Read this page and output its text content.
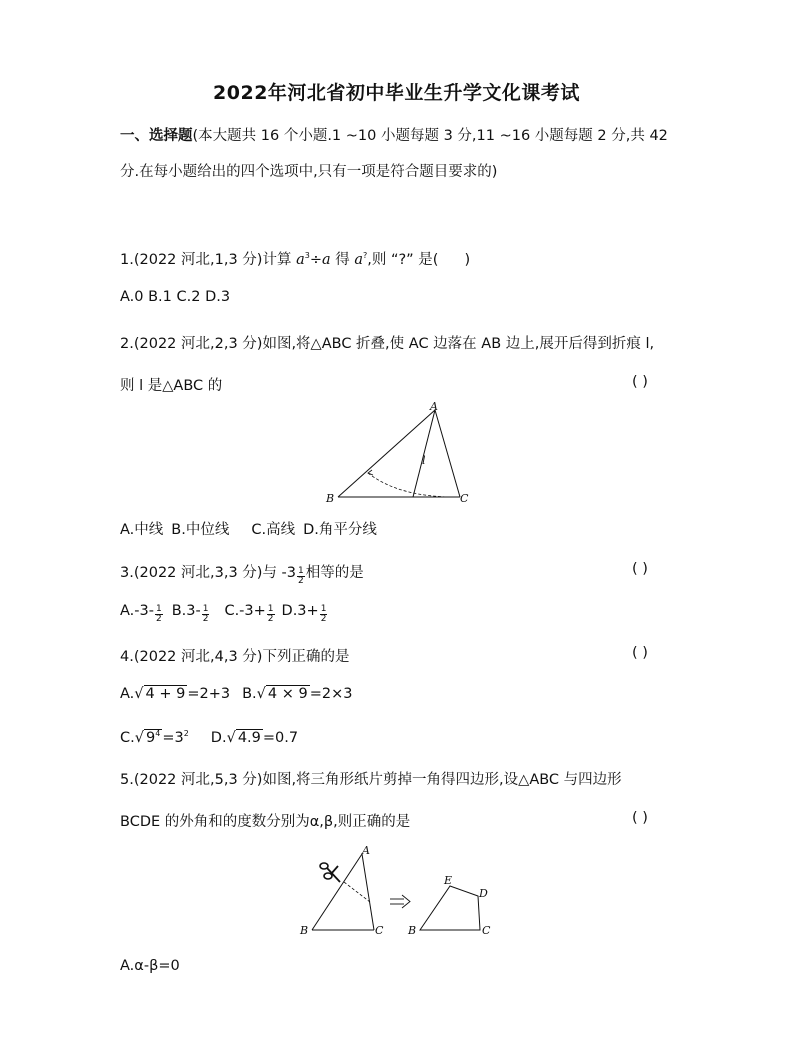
2022年河北省初中毕业生升学文化课考试
一、选择题(本大题共 16 个小题.1 ~10 小题每题 3 分,11 ~16 小题每题 2 分,共 42
分.在每小题给出的四个选项中,只有一项是符合题目要求的)
1.(2022 河北,1,3 分)计算 $a^3\div a$ 得 a?,则 “?” 是( )
A.0 B.1 C.2 D.3
2.(2022 河北,2,3 分)如图,将△ABC 折叠,使 AC 边落在 AB 边上,展开后得到折痕 l,
则 l 是△ABC 的	( )
A
B	C
l
A.中线 B.中位线 C.高线 D.角平分线
3.(2022 河北,3,3 分)与 $-3 \frac{1}{2}$ 相等的是	( )
$A.-3- \frac{1}{2} B.3- \frac{1}{2} C.-3+ \frac{1}{2} D.3+ \frac{1}{2}$
4.(2022 河北,4,3 分)下列正确的是	( )
A.√ 4 + 9 =2+3 B.√ 4 × 9 =2×3
C.√ $9^4 =3^2$ D.√ 4.9 =0.7
5.(2022 河北,5,3 分)如图,将三角形纸片剪掉一角得四边形,设△ABC 与四边形
BCDE 的外角和的度数分别为α,β,则正确的是	( )
A
B	C B	C
D
E
A.α-β=0
